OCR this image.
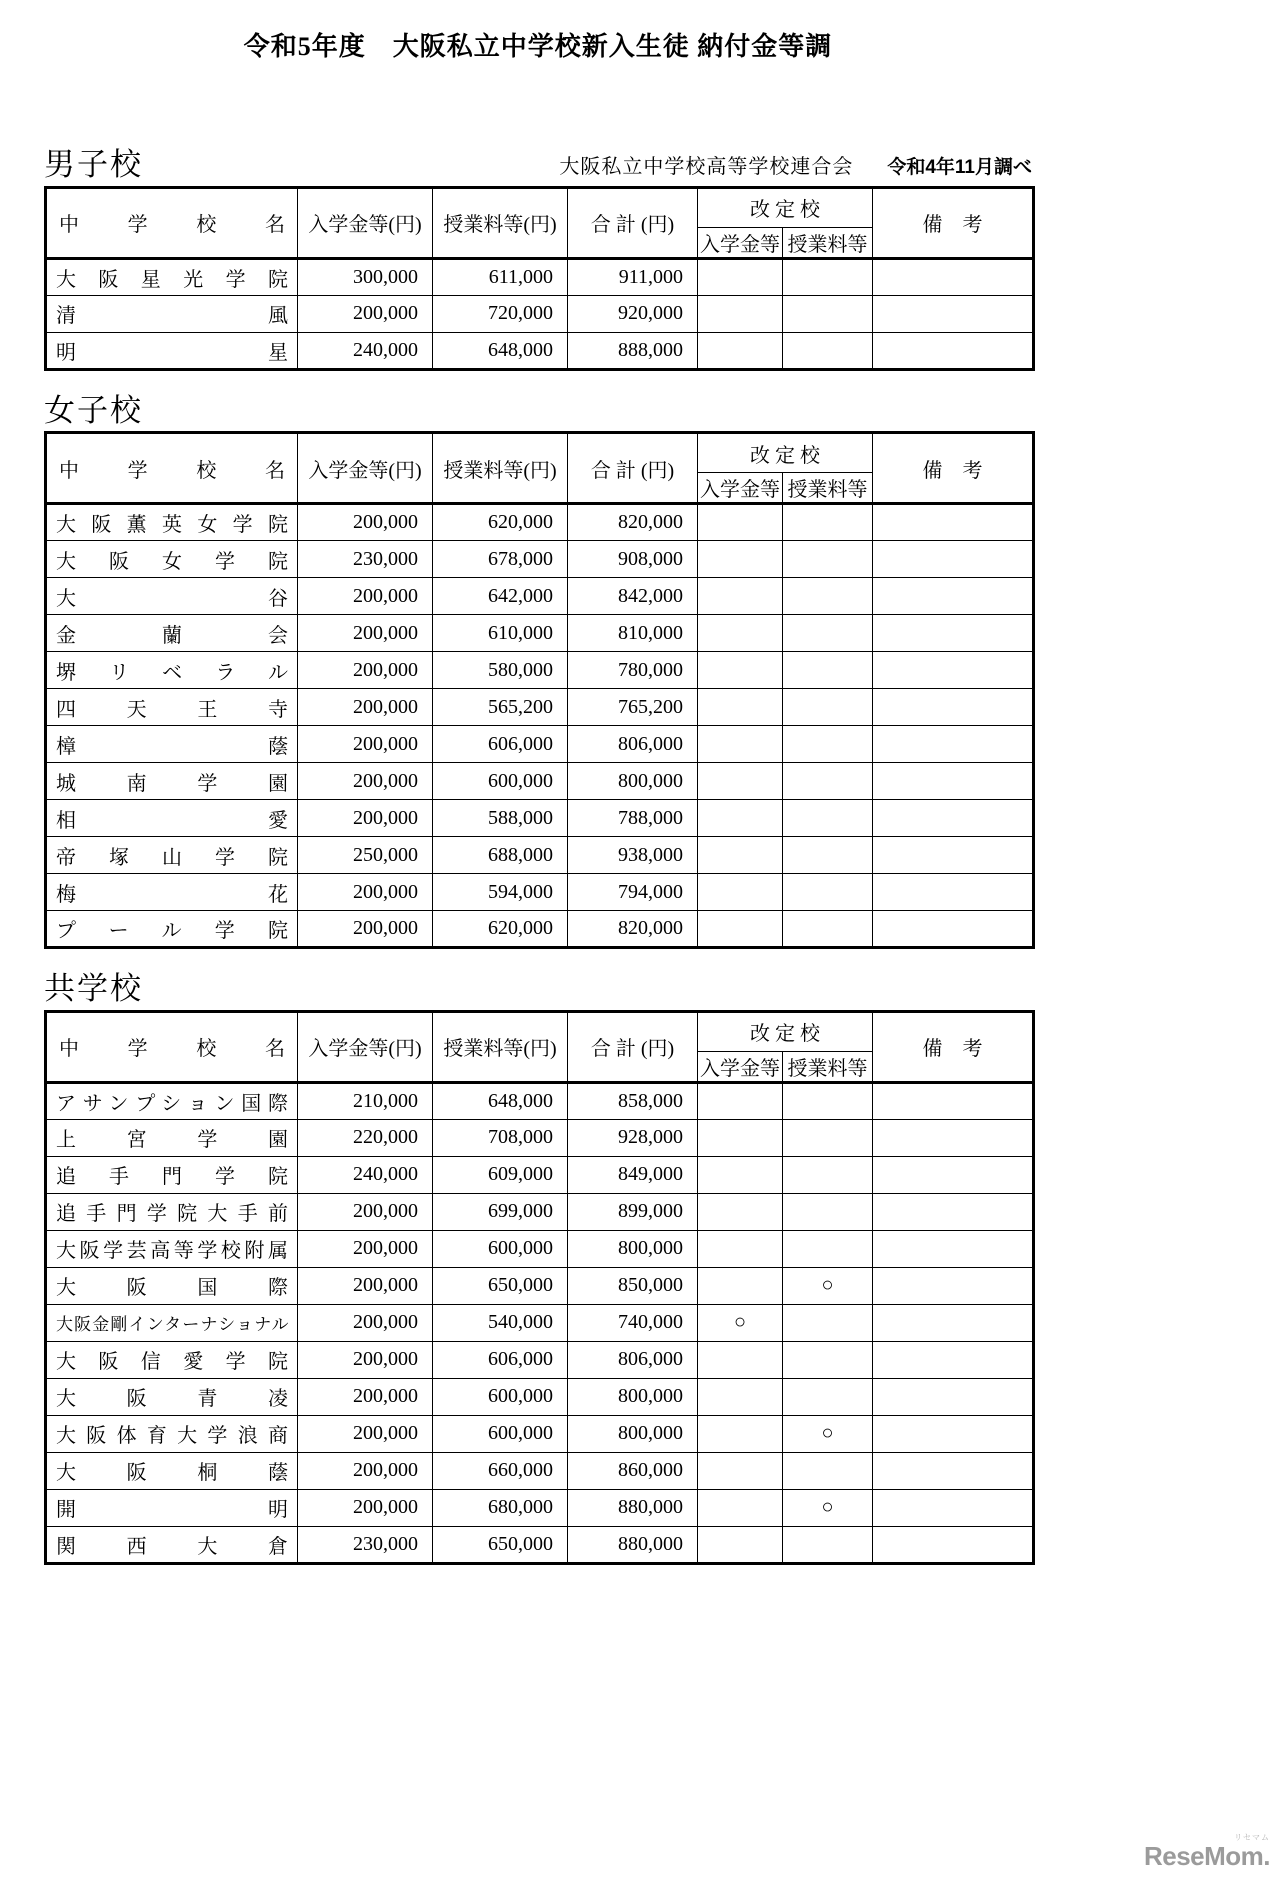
令和5年度　大阪私立中学校新入生徒 納付金等調
男子校	大阪私立中学校高等学校連合会 令和4年11月調べ
中学校名	入学金等(円)	授業料等(円)	合 計 (円)	改 定 校		備　考
				入学金等	授業料等	
大阪星光学院	300,000	611,000	911,000			
清風	200,000	720,000	920,000			
明星	240,000	648,000	888,000			
女子校
中学校名	入学金等(円)	授業料等(円)	合 計 (円)	改 定 校		備　考
				入学金等	授業料等	
大阪薫英女学院	200,000	620,000	820,000			
大阪女学院	230,000	678,000	908,000			
大谷	200,000	642,000	842,000			
金蘭会	200,000	610,000	810,000			
堺リベラル	200,000	580,000	780,000			
四天王寺	200,000	565,200	765,200			
樟蔭	200,000	606,000	806,000			
城南学園	200,000	600,000	800,000			
相愛	200,000	588,000	788,000			
帝塚山学院	250,000	688,000	938,000			
梅花	200,000	594,000	794,000			
プール学院	200,000	620,000	820,000			
共学校
中学校名	入学金等(円)	授業料等(円)	合 計 (円)	改 定 校		備　考
				入学金等	授業料等	
アサンプション国際	210,000	648,000	858,000			
上宮学園	220,000	708,000	928,000			
追手門学院	240,000	609,000	849,000			
追手門学院大手前	200,000	699,000	899,000			
大阪学芸高等学校附属	200,000	600,000	800,000			
大阪国際	200,000	650,000	850,000		○	
大阪金剛インターナショナル	200,000	540,000	740,000	○		
大阪信愛学院	200,000	606,000	806,000			
大阪青凌	200,000	600,000	800,000			
大阪体育大学浪商	200,000	600,000	800,000		○	
大阪桐蔭	200,000	660,000	860,000			
開明	200,000	680,000	880,000		○	
関西大倉	230,000	650,000	880,000			
リセマム
ReseMom.
